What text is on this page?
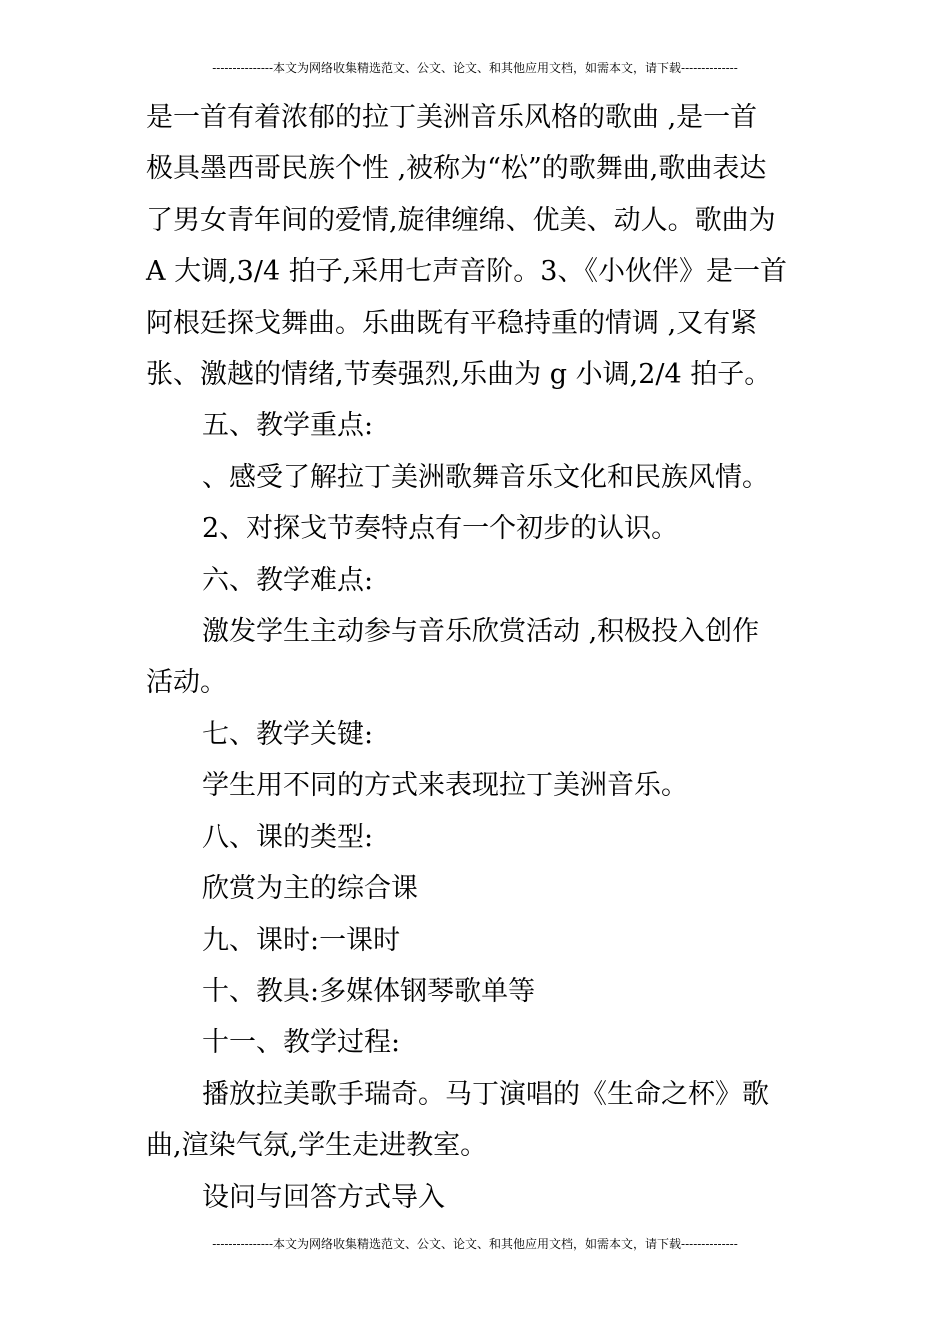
---------------本文为网络收集精选范文、公文、论文、和其他应用文档，如需本文，请下载--------------

是一首有着浓郁的拉丁美洲音乐风格的歌曲 ,是一首
极具墨西哥民族个性 ,被称为“松”的歌舞曲,歌曲表达
了男女青年间的爱情,旋律缠绵、优美、动人。歌曲为
A 大调,3/4 拍子,采用七声音阶。3、《小伙伴》是一首
阿根廷探戈舞曲。乐曲既有平稳持重的情调 ,又有紧
张、激越的情绪,节奏强烈,乐曲为 g 小调,2/4 拍子。

五、教学重点:

、感受了解拉丁美洲歌舞音乐文化和民族风情。

2、对探戈节奏特点有一个初步的认识。

六、教学难点:

激发学生主动参与音乐欣赏活动 ,积极投入创作
活动。

七、教学关键:

学生用不同的方式来表现拉丁美洲音乐。

八、课的类型:

欣赏为主的综合课

九、课时:一课时

十、教具:多媒体钢琴歌单等

十一、教学过程:

播放拉美歌手瑞奇。马丁演唱的《生命之杯》歌
曲,渲染气氛,学生走进教室。

设问与回答方式导入

---------------本文为网络收集精选范文、公文、论文、和其他应用文档，如需本文，请下载--------------
